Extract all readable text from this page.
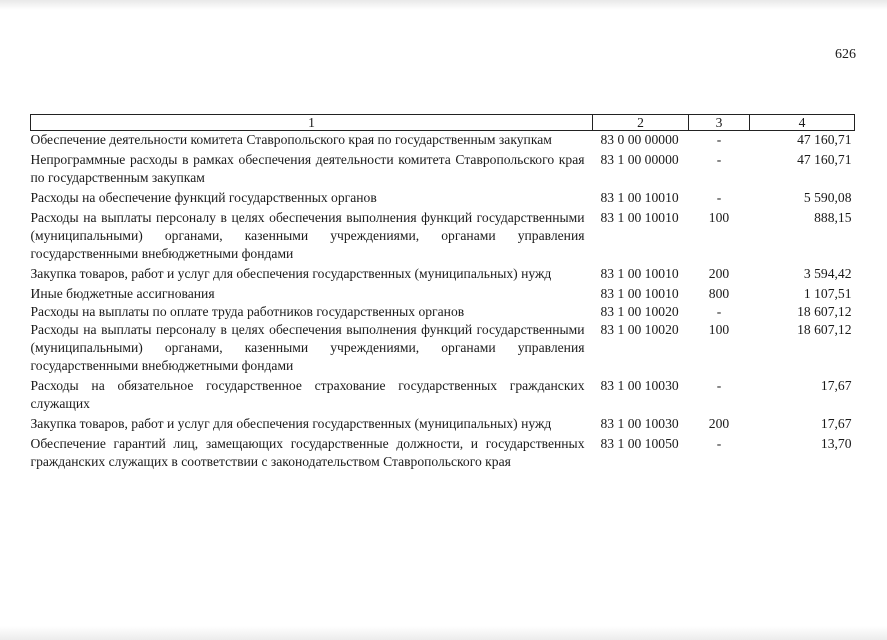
626
1	2	3	4
Обеспечение деятельности комитета Ставропольского края по государственным закупкам	83 0 00 00000	-	47 160,71
Непрограммные расходы в рамках обеспечения деятельности комитета Ставропольского края по государственным закупкам	83 1 00 00000	-	47 160,71
Расходы на обеспечение функций государственных органов	83 1 00 10010	-	5 590,08
Расходы на выплаты персоналу в целях обеспечения выполнения функций государственными (муниципальными) органами, казенными учреждениями, органами управления государственными внебюджетными фондами	83 1 00 10010	100	888,15
Закупка товаров, работ и услуг для обеспечения государственных (муниципальных) нужд	83 1 00 10010	200	3 594,42
Иные бюджетные ассигнования	83 1 00 10010	800	1 107,51
Расходы на выплаты по оплате труда работников государственных органов	83 1 00 10020	-	18 607,12
Расходы на выплаты персоналу в целях обеспечения выполнения функций государственными (муниципальными) органами, казенными учреждениями, органами управления государственными внебюджетными фондами	83 1 00 10020	100	18 607,12
Расходы на обязательное государственное страхование государственных гражданских служащих	83 1 00 10030	-	17,67
Закупка товаров, работ и услуг для обеспечения государственных (муниципальных) нужд	83 1 00 10030	200	17,67
Обеспечение гарантий лиц, замещающих государственные должности, и государственных гражданских служащих в соответствии с законодательством Ставропольского края	83 1 00 10050	-	13,70
